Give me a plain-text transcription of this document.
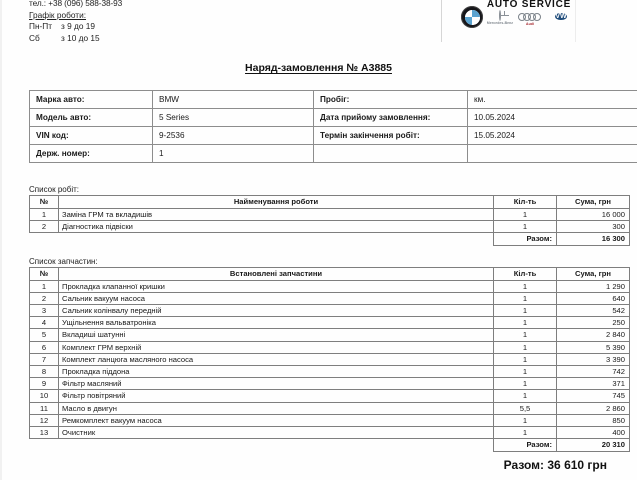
тел.: +38 (096) 588-38-93
Графік роботи:
Пн-Пт з 9 до 19
Сб	з 10 до 15
AUTO SERVICE
Mercedes-Benz	Audi
VW
Наряд-замовлення № A3885
Марка авто:	BMW	Пробіг:	км.
Модель авто:	5 Series	Дата прийому замовлення:	10.05.2024
VIN код:	9-2536	Термін закінчення робіт:	15.05.2024
Держ. номер:	1		
Список робіт:
№	Найменування роботи	Кіл-ть	Сума, грн
1	Заміна ГРМ та вкладишів	1	16 000
2	Діагностика підвіски	1	300
		Разом:	16 300
Список запчастин:
№	Встановлені запчастини	Кіл-ть	Сума, грн
1	Прокладка клапанної кришки	1	1 290
2	Сальник вакуум насоса	1	640
3	Сальник колінвалу передній	1	542
4	Ущільнення вальватроніка	1	250
5	Вкладиші шатунні	1	2 840
6	Комплект ГРМ верхній	1	5 390
7	Комплект ланцюга масляного насоса	1	3 390
8	Прокладка піддона	1	742
9	Фільтр масляний	1	371
10	Фільтр повітряний	1	745
11	Масло в двигун	5,5	2 860
12	Ремкомплект вакуум насоса	1	850
13	Очистник	1	400
		Разом:	20 310
Разом: 36 610 грн
